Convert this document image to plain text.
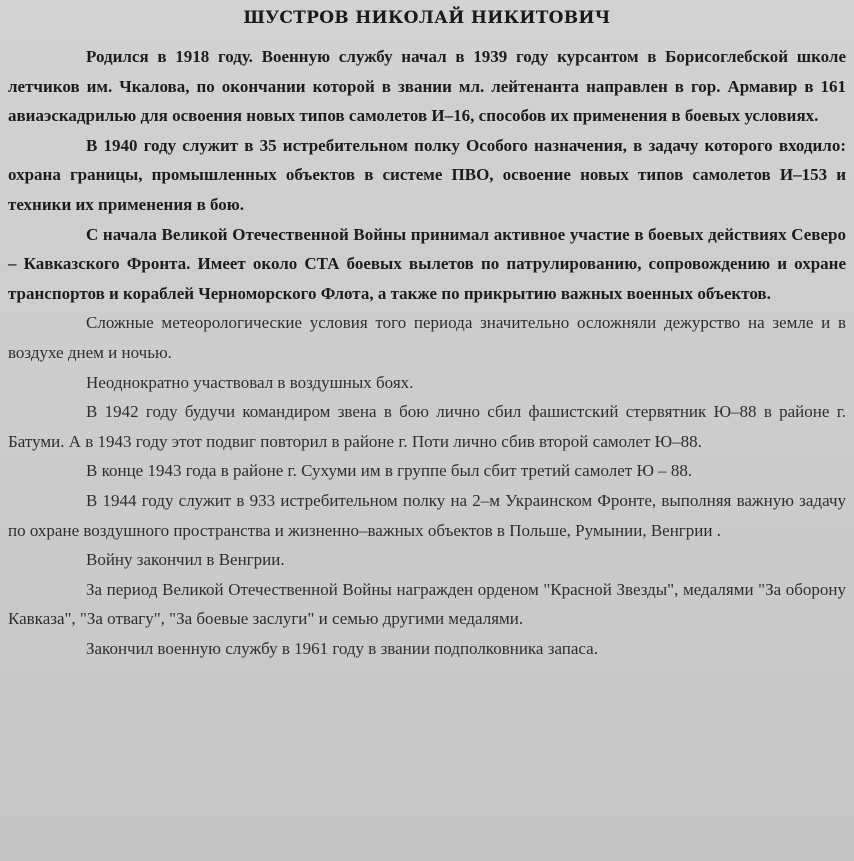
ШУСТРОВ НИКОЛАЙ НИКИТОВИЧ

Родился в 1918 году. Военную службу начал в 1939 году курсантом в Борисоглебской школе летчиков им. Чкалова, по окончании которой в звании мл. лейтенанта направлен в гор. Армавир в 161 авиаэскадрилью для освоения новых типов самолетов И–16, способов их применения в боевых условиях.

В 1940 году служит в 35 истребительном полку Особого назначения, в задачу которого входило: охрана границы, промышленных объектов в системе ПВО, освоение новых типов самолетов И–153 и техники их применения в бою.

С начала Великой Отечественной Войны принимал активное участие в боевых действиях Северо – Кавказского Фронта. Имеет около СТА боевых вылетов по патрулированию, сопровождению и охране транспортов и кораблей Черноморского Флота, а также по прикрытию важных военных объектов.

Сложные метеорологические условия того периода значительно осложняли дежурство на земле и в воздухе днем и ночью.

Неоднократно участвовал в воздушных боях.

В 1942 году будучи командиром звена в бою лично сбил фашистский стервятник Ю–88 в районе г. Батуми. А в 1943 году этот подвиг повторил в районе г. Поти лично сбив второй самолет Ю–88.

В конце 1943 года в районе г. Сухуми им в группе был сбит третий самолет Ю – 88.

В 1944 году служит в 933 истребительном полку на 2–м Украинском Фронте, выполняя важную задачу по охране воздушного пространства и жизненно–важных объектов в Польше, Румынии, Венгрии .

Войну закончил в Венгрии.

За период Великой Отечественной Войны награжден орденом "Красной Звезды", медалями "За оборону Кавказа", "За отвагу", "За боевые заслуги" и семью другими медалями.

Закончил военную службу в 1961 году в звании подполковника запаса.
